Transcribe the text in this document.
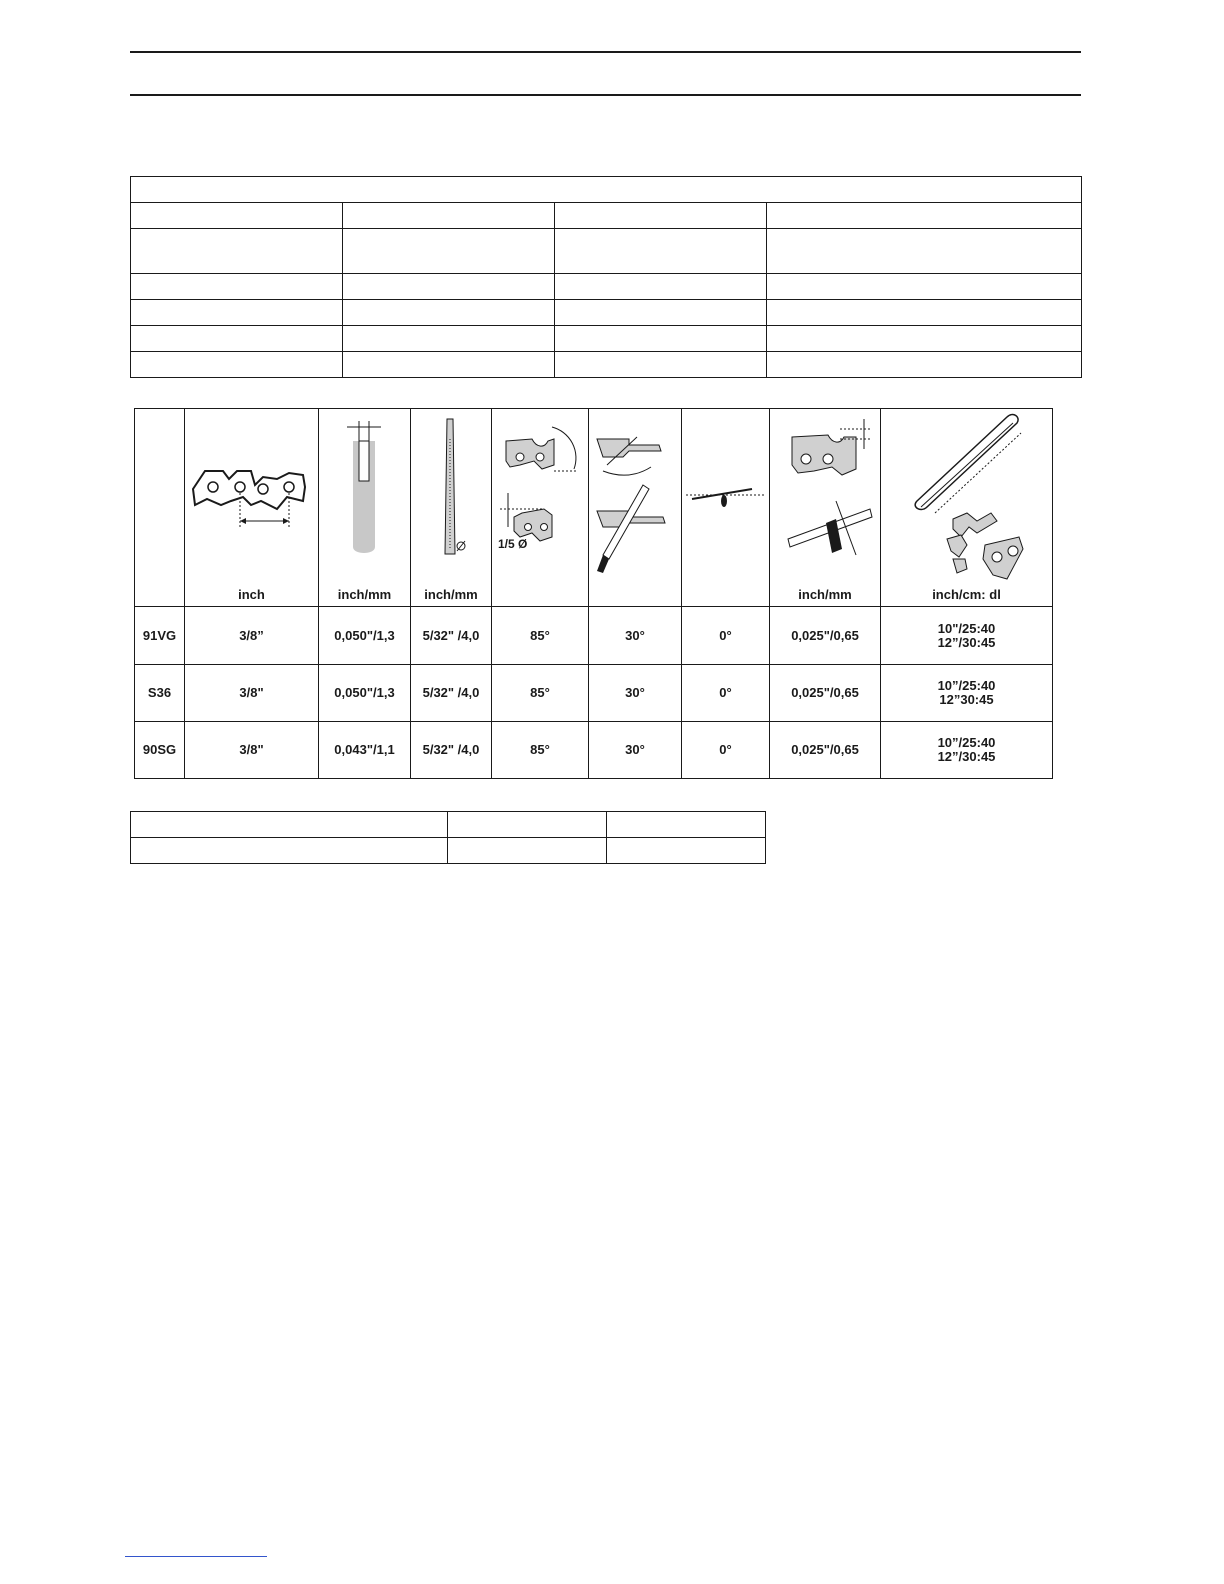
	inch	inch/mm	inch/mm	1/5 Ø			inch/mm	inch/cm: dl

91VG	3/8”	0,050"/1,3	5/32" /4,0	85°	30°	0°	0,025"/0,65	10"/25:40
12”/30:45

S36	3/8"	0,050"/1,3	5/32" /4,0	85°	30°	0°	0,025"/0,65	10”/25:40
12”30:45

90SG	3/8"	0,043"/1,1	5/32" /4,0	85°	30°	0°	0,025"/0,65	10”/25:40
12”/30:45
